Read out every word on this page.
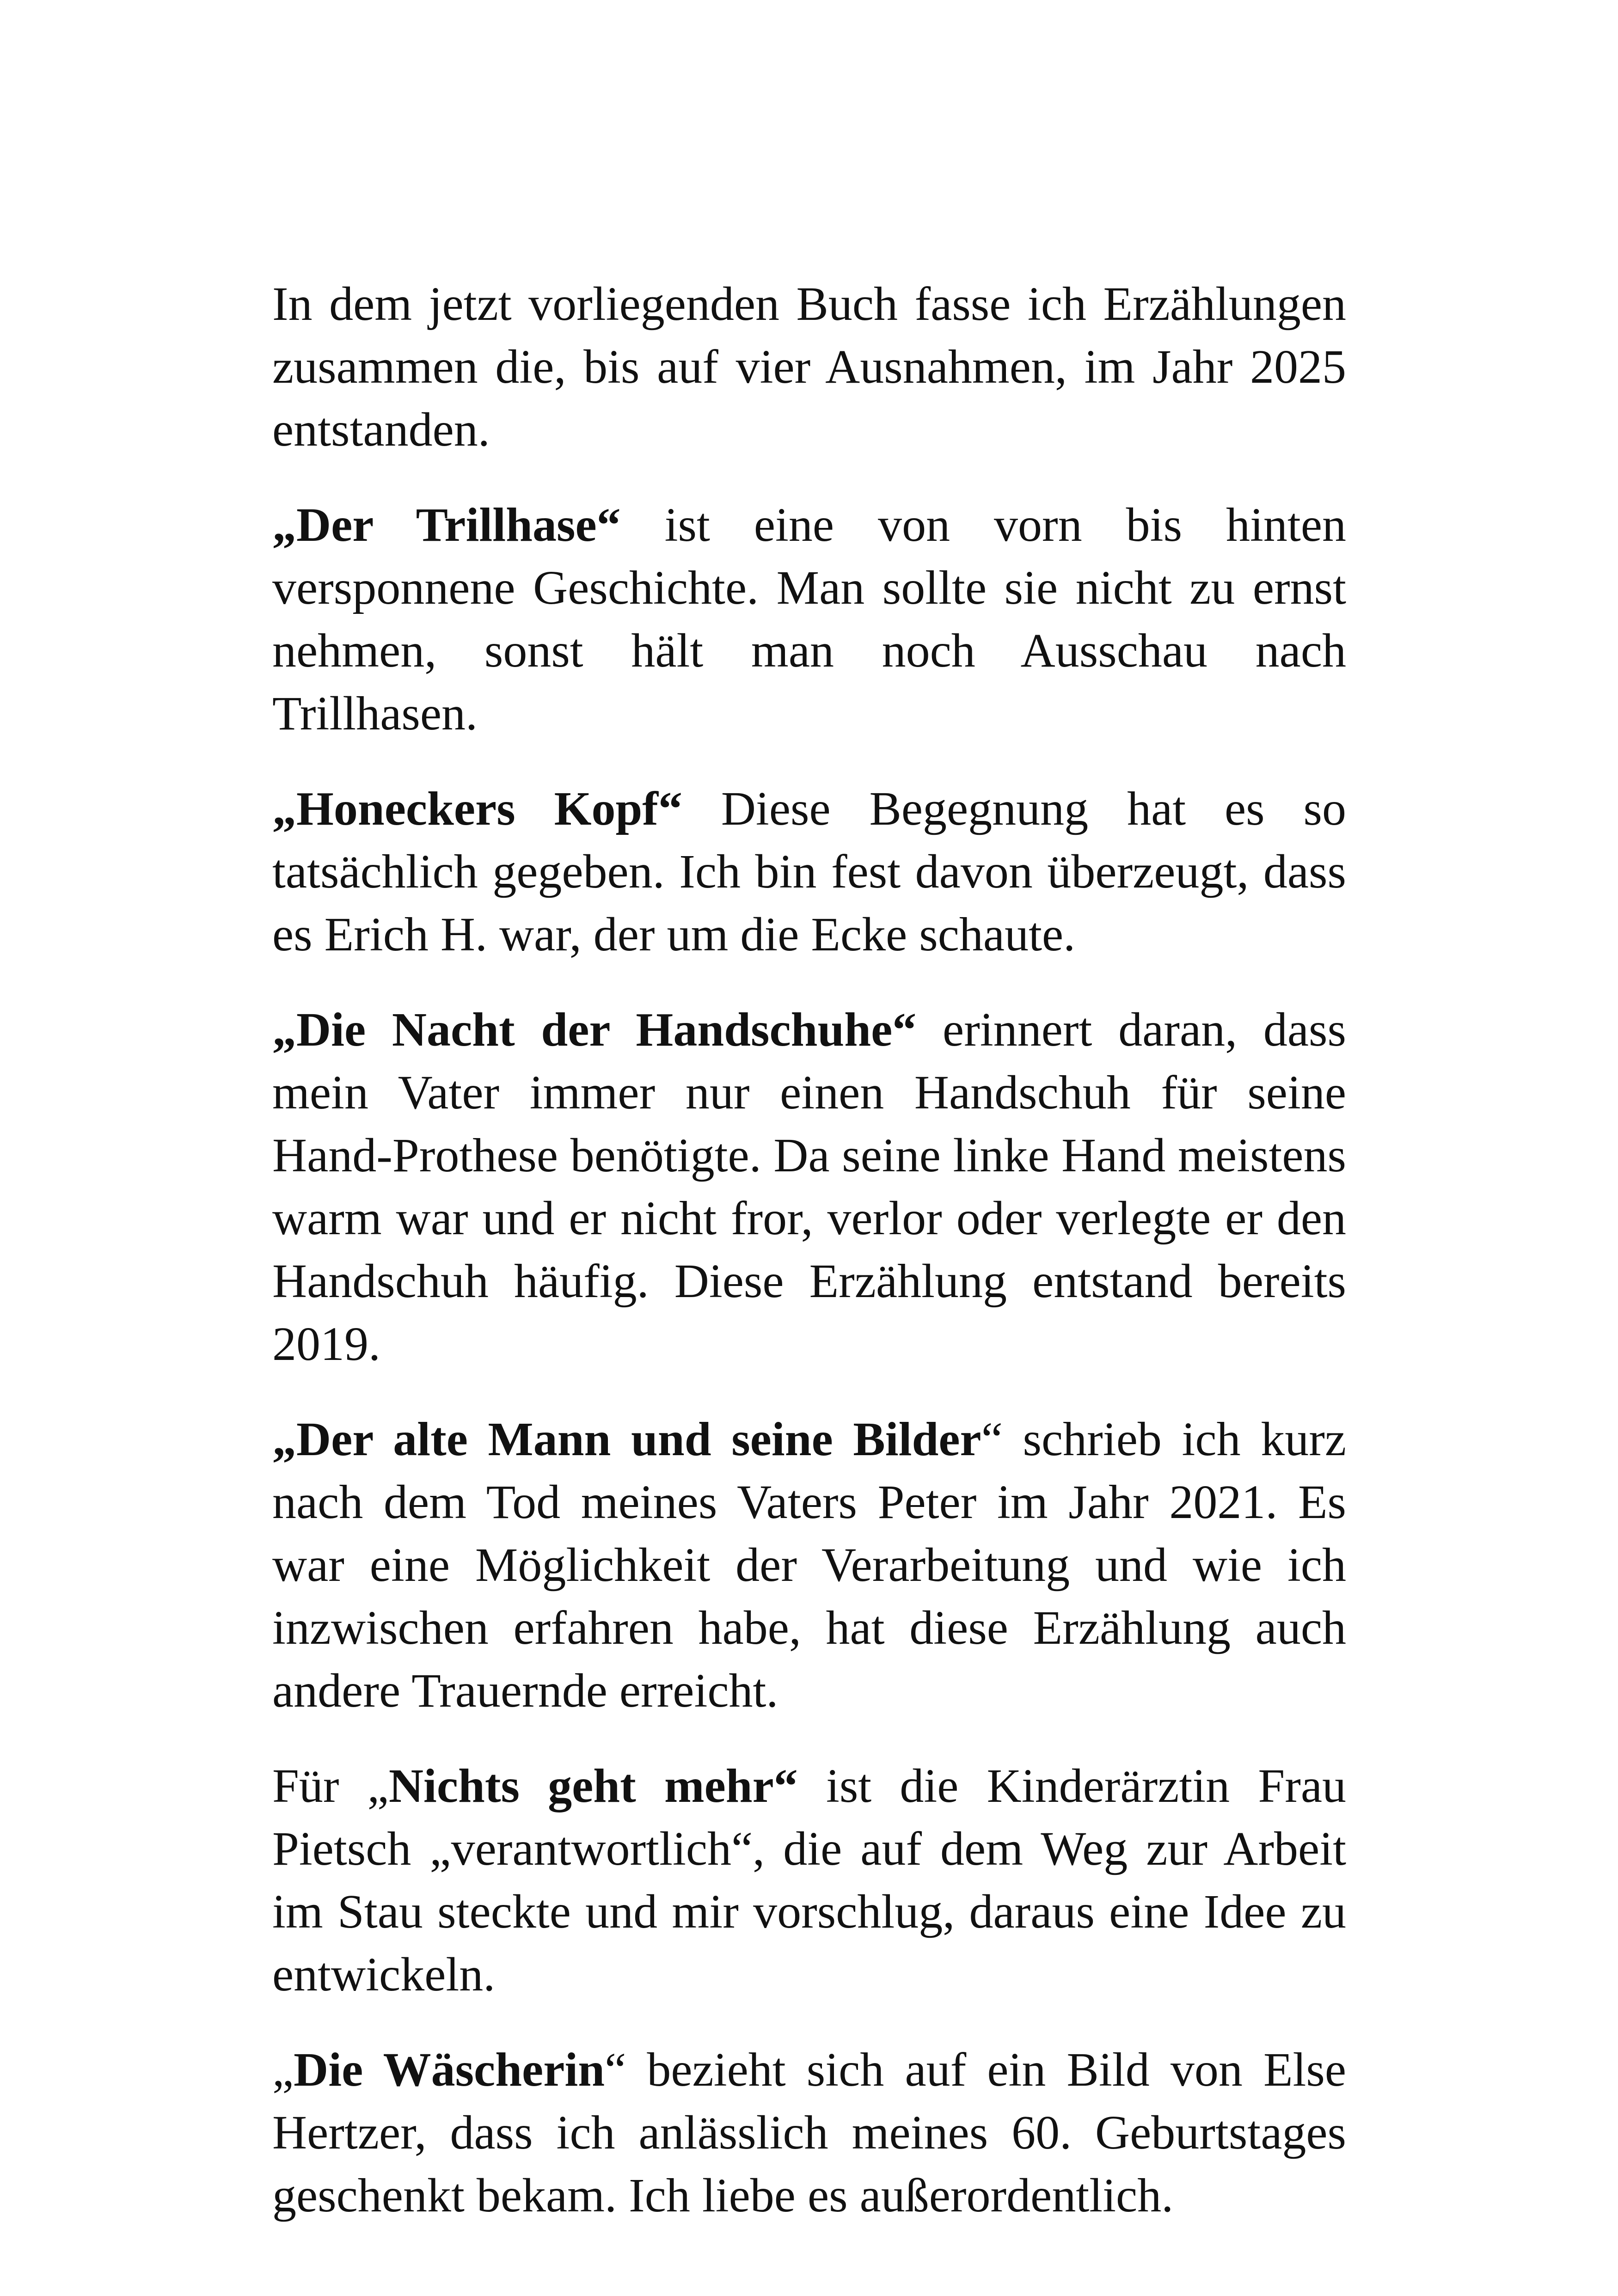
In dem jetzt vorliegenden Buch fasse ich Erzählungen zusammen die, bis auf vier Ausnahmen, im Jahr 2025 entstanden.

„Der Trillhase“ ist eine von vorn bis hinten versponnene Geschichte. Man sollte sie nicht zu ernst nehmen, sonst hält man noch Ausschau nach Trillhasen.

„Honeckers Kopf“ Diese Begegnung hat es so tatsächlich gegeben. Ich bin fest davon überzeugt, dass es Erich H. war, der um die Ecke schaute.

„Die Nacht der Handschuhe“ erinnert daran, dass mein Vater immer nur einen Handschuh für seine Hand-Prothese benötigte. Da seine linke Hand meistens warm war und er nicht fror, verlor oder verlegte er den Handschuh häufig. Diese Erzählung entstand bereits 2019.

„Der alte Mann und seine Bilder“ schrieb ich kurz nach dem Tod meines Vaters Peter im Jahr 2021. Es war eine Möglichkeit der Verarbeitung und wie ich inzwischen erfahren habe, hat diese Erzählung auch andere Trauernde erreicht.

Für „Nichts geht mehr“ ist die Kinderärztin Frau Pietsch „verantwortlich“, die auf dem Weg zur Arbeit im Stau steckte und mir vorschlug, daraus eine Idee zu entwickeln.

„Die Wäscherin“ bezieht sich auf ein Bild von Else Hertzer, dass ich anlässlich meines 60. Geburtstages geschenkt bekam. Ich liebe es außerordentlich.
